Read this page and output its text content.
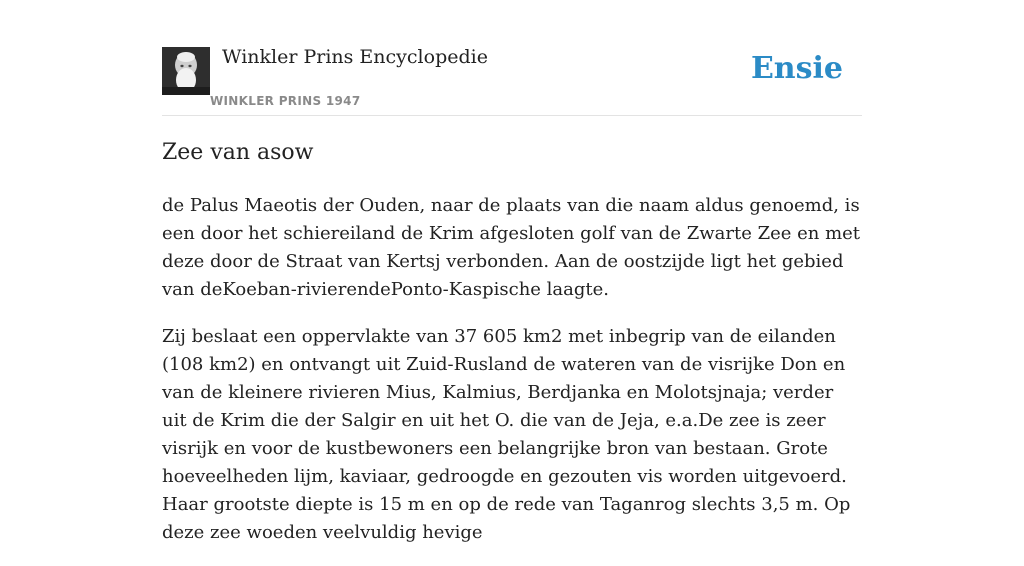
Winkler Prins Encyclopedie
WINKLER PRINS 1947
Ensie
Zee van asow

de Palus Maeotis der Ouden, naar de plaats van die naam aldus genoemd, is een door het schiereiland de Krim afgesloten golf van de Zwarte Zee en met deze door de Straat van Kertsj verbonden. Aan de oostzijde ligt het gebied van deKoeban-rivierendePonto-Kaspische laagte.

Zij beslaat een oppervlakte van 37 605 km2 met inbegrip van de eilanden (108 km2) en ontvangt uit Zuid-Rusland de wateren van de visrijke Don en van de kleinere rivieren Mius, Kalmius, Berdjanka en Molotsjnaja; verder uit de Krim die der Salgir en uit het O. die van de Jeja, e.a.De zee is zeer visrijk en voor de kustbewoners een belangrijke bron van bestaan. Grote hoeveelheden lijm, kaviaar, gedroogde en gezouten vis worden uitgevoerd. Haar grootste diepte is 15 m en op de rede van Taganrog slechts 3,5 m. Op deze zee woeden veelvuldig hevige
